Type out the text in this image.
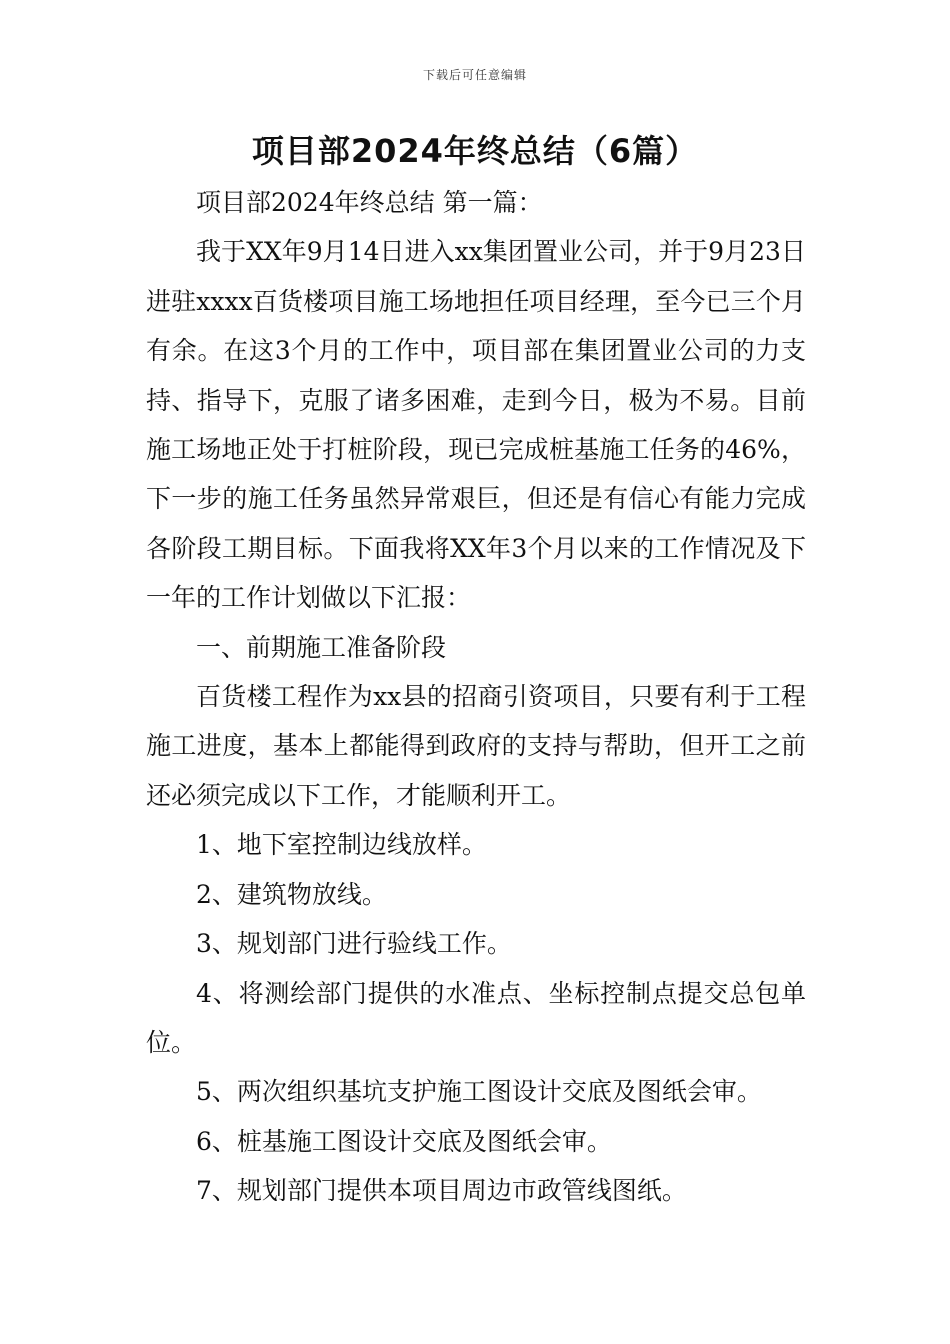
下载后可任意编辑
项目部2024年终总结（6篇）

项目部2024年终总结 第一篇：

我于XX年9月14日进入xx集团置业公司，并于9月23日进驻xxxx百货楼项目施工场地担任项目经理，至今已三个月有余。在这3个月的工作中，项目部在集团置业公司的力支持、指导下，克服了诸多困难，走到今日，极为不易。目前施工场地正处于打桩阶段，现已完成桩基施工任务的46%，下一步的施工任务虽然异常艰巨，但还是有信心有能力完成各阶段工期目标。下面我将XX年3个月以来的工作情况及下一年的工作计划做以下汇报：

一、前期施工准备阶段

百货楼工程作为xx县的招商引资项目，只要有利于工程施工进度，基本上都能得到政府的支持与帮助，但开工之前还必须完成以下工作，才能顺利开工。

1、地下室控制边线放样。

2、建筑物放线。

3、规划部门进行验线工作。

4、将测绘部门提供的水准点、坐标控制点提交总包单位。

5、两次组织基坑支护施工图设计交底及图纸会审。

6、桩基施工图设计交底及图纸会审。

7、规划部门提供本项目周边市政管线图纸。
